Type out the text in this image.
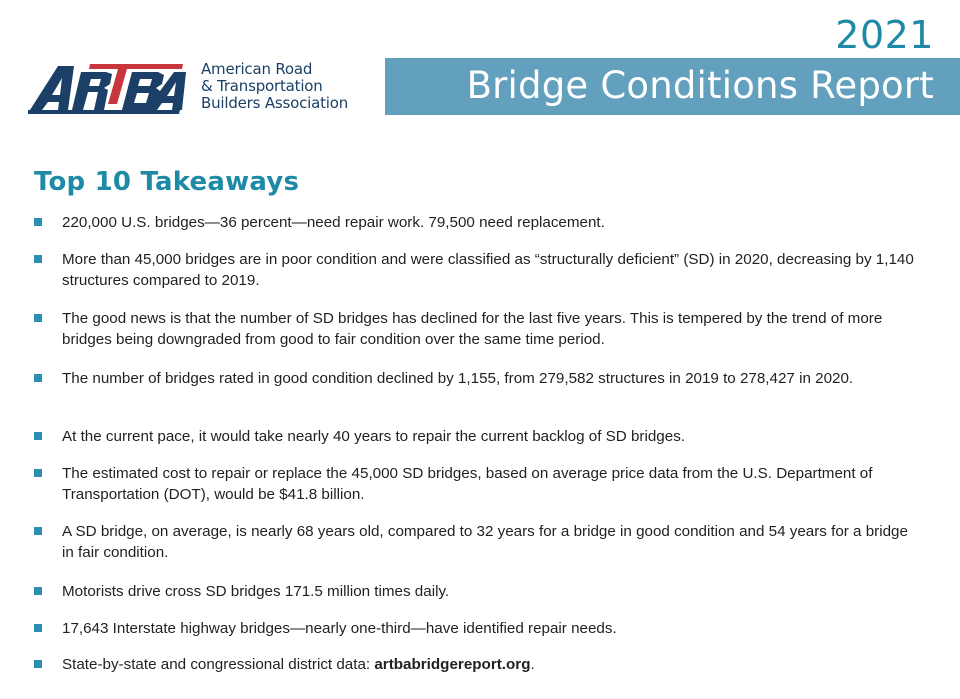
American Road
& Transportation
Builders Association
2021
Bridge Conditions Report
Top 10 Takeaways
220,000 U.S. bridges—36 percent—need repair work. 79,500 need replacement.
More than 45,000 bridges are in poor condition and were classified as “structurally deficient” (SD) in 2020, decreasing by 1,140 structures compared to 2019.
The good news is that the number of SD bridges has declined for the last five years. This is tempered by the trend of more bridges being downgraded from good to fair condition over the same time period.
The number of bridges rated in good condition declined by 1,155, from 279,582 structures in 2019 to 278,427 in 2020.
At the current pace, it would take nearly 40 years to repair the current backlog of SD bridges.
The estimated cost to repair or replace the 45,000 SD bridges, based on average price data from the U.S. Department of Transportation (DOT), would be $41.8 billion.
A SD bridge, on average, is nearly 68 years old, compared to 32 years for a bridge in good condition and 54 years for a bridge in fair condition.
Motorists drive cross SD bridges 171.5 million times daily.
17,643 Interstate highway bridges—nearly one-third—have identified repair needs.
State-by-state and congressional district data: artbabridgereport.org.
